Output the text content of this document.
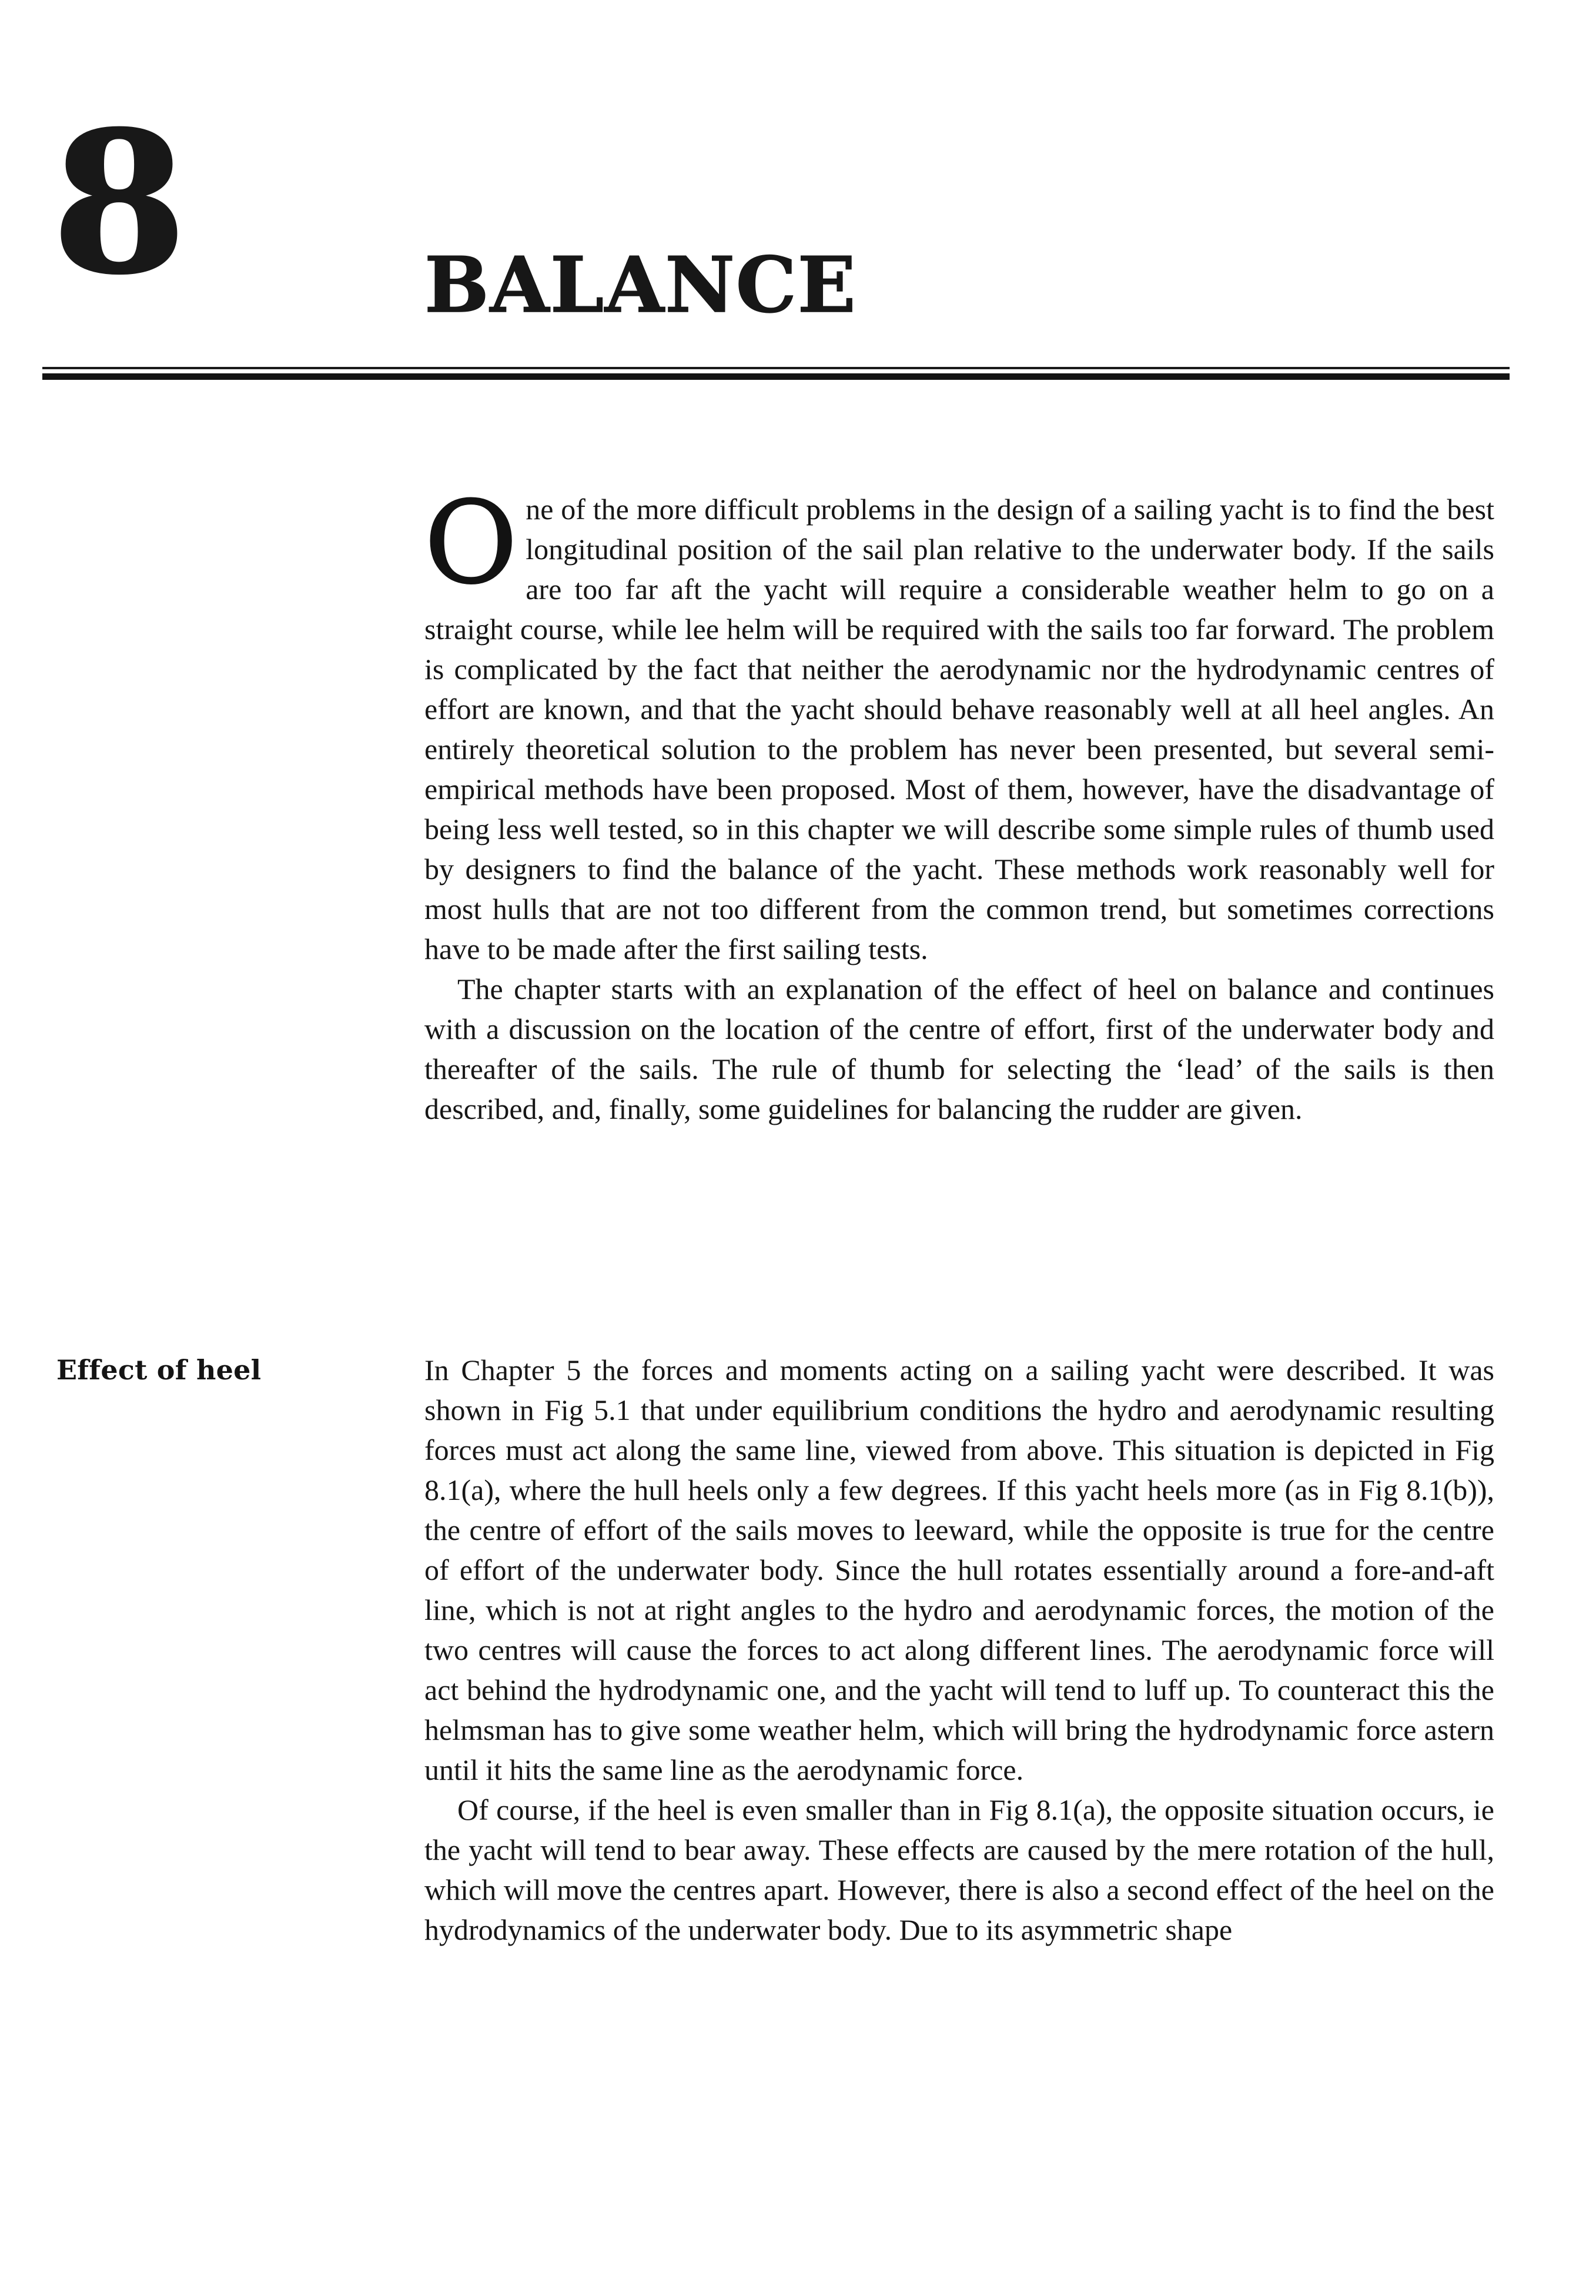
8	BALANCE

One of the more difficult problems in the design of a sailing yacht is to find the best longitudinal position of the sail plan relative to the underwater body. If the sails are too far aft the yacht will require a considerable weather helm to go on a straight course, while lee helm will be required with the sails too far forward. The problem is complicated by the fact that neither the aerodynamic nor the hydrodynamic centres of effort are known, and that the yacht should behave reasonably well at all heel angles. An entirely theoretical solution to the problem has never been presented, but several semi-empirical methods have been proposed. Most of them, however, have the disadvantage of being less well tested, so in this chapter we will describe some simple rules of thumb used by designers to find the balance of the yacht. These methods work reasonably well for most hulls that are not too different from the common trend, but sometimes corrections have to be made after the first sailing tests.

The chapter starts with an explanation of the effect of heel on balance and continues with a discussion on the location of the centre of effort, first of the underwater body and thereafter of the sails. The rule of thumb for selecting the ‘lead’ of the sails is then described, and, finally, some guidelines for balancing the rudder are given.

Effect of heel	In Chapter 5 the forces and moments acting on a sailing yacht were described. It was shown in Fig 5.1 that under equilibrium conditions the hydro and aerodynamic resulting forces must act along the same line, viewed from above. This situation is depicted in Fig 8.1(a), where the hull heels only a few degrees. If this yacht heels more (as in Fig 8.1(b)), the centre of effort of the sails moves to leeward, while the opposite is true for the centre of effort of the underwater body. Since the hull rotates essentially around a fore-and-aft line, which is not at right angles to the hydro and aerodynamic forces, the motion of the two centres will cause the forces to act along different lines. The aerodynamic force will act behind the hydrodynamic one, and the yacht will tend to luff up. To counteract this the helmsman has to give some weather helm, which will bring the hydrodynamic force astern until it hits the same line as the aerodynamic force.

Of course, if the heel is even smaller than in Fig 8.1(a), the opposite situation occurs, ie the yacht will tend to bear away. These effects are caused by the mere rotation of the hull, which will move the centres apart. However, there is also a second effect of the heel on the hydrodynamics of the underwater body. Due to its asymmetric shape
